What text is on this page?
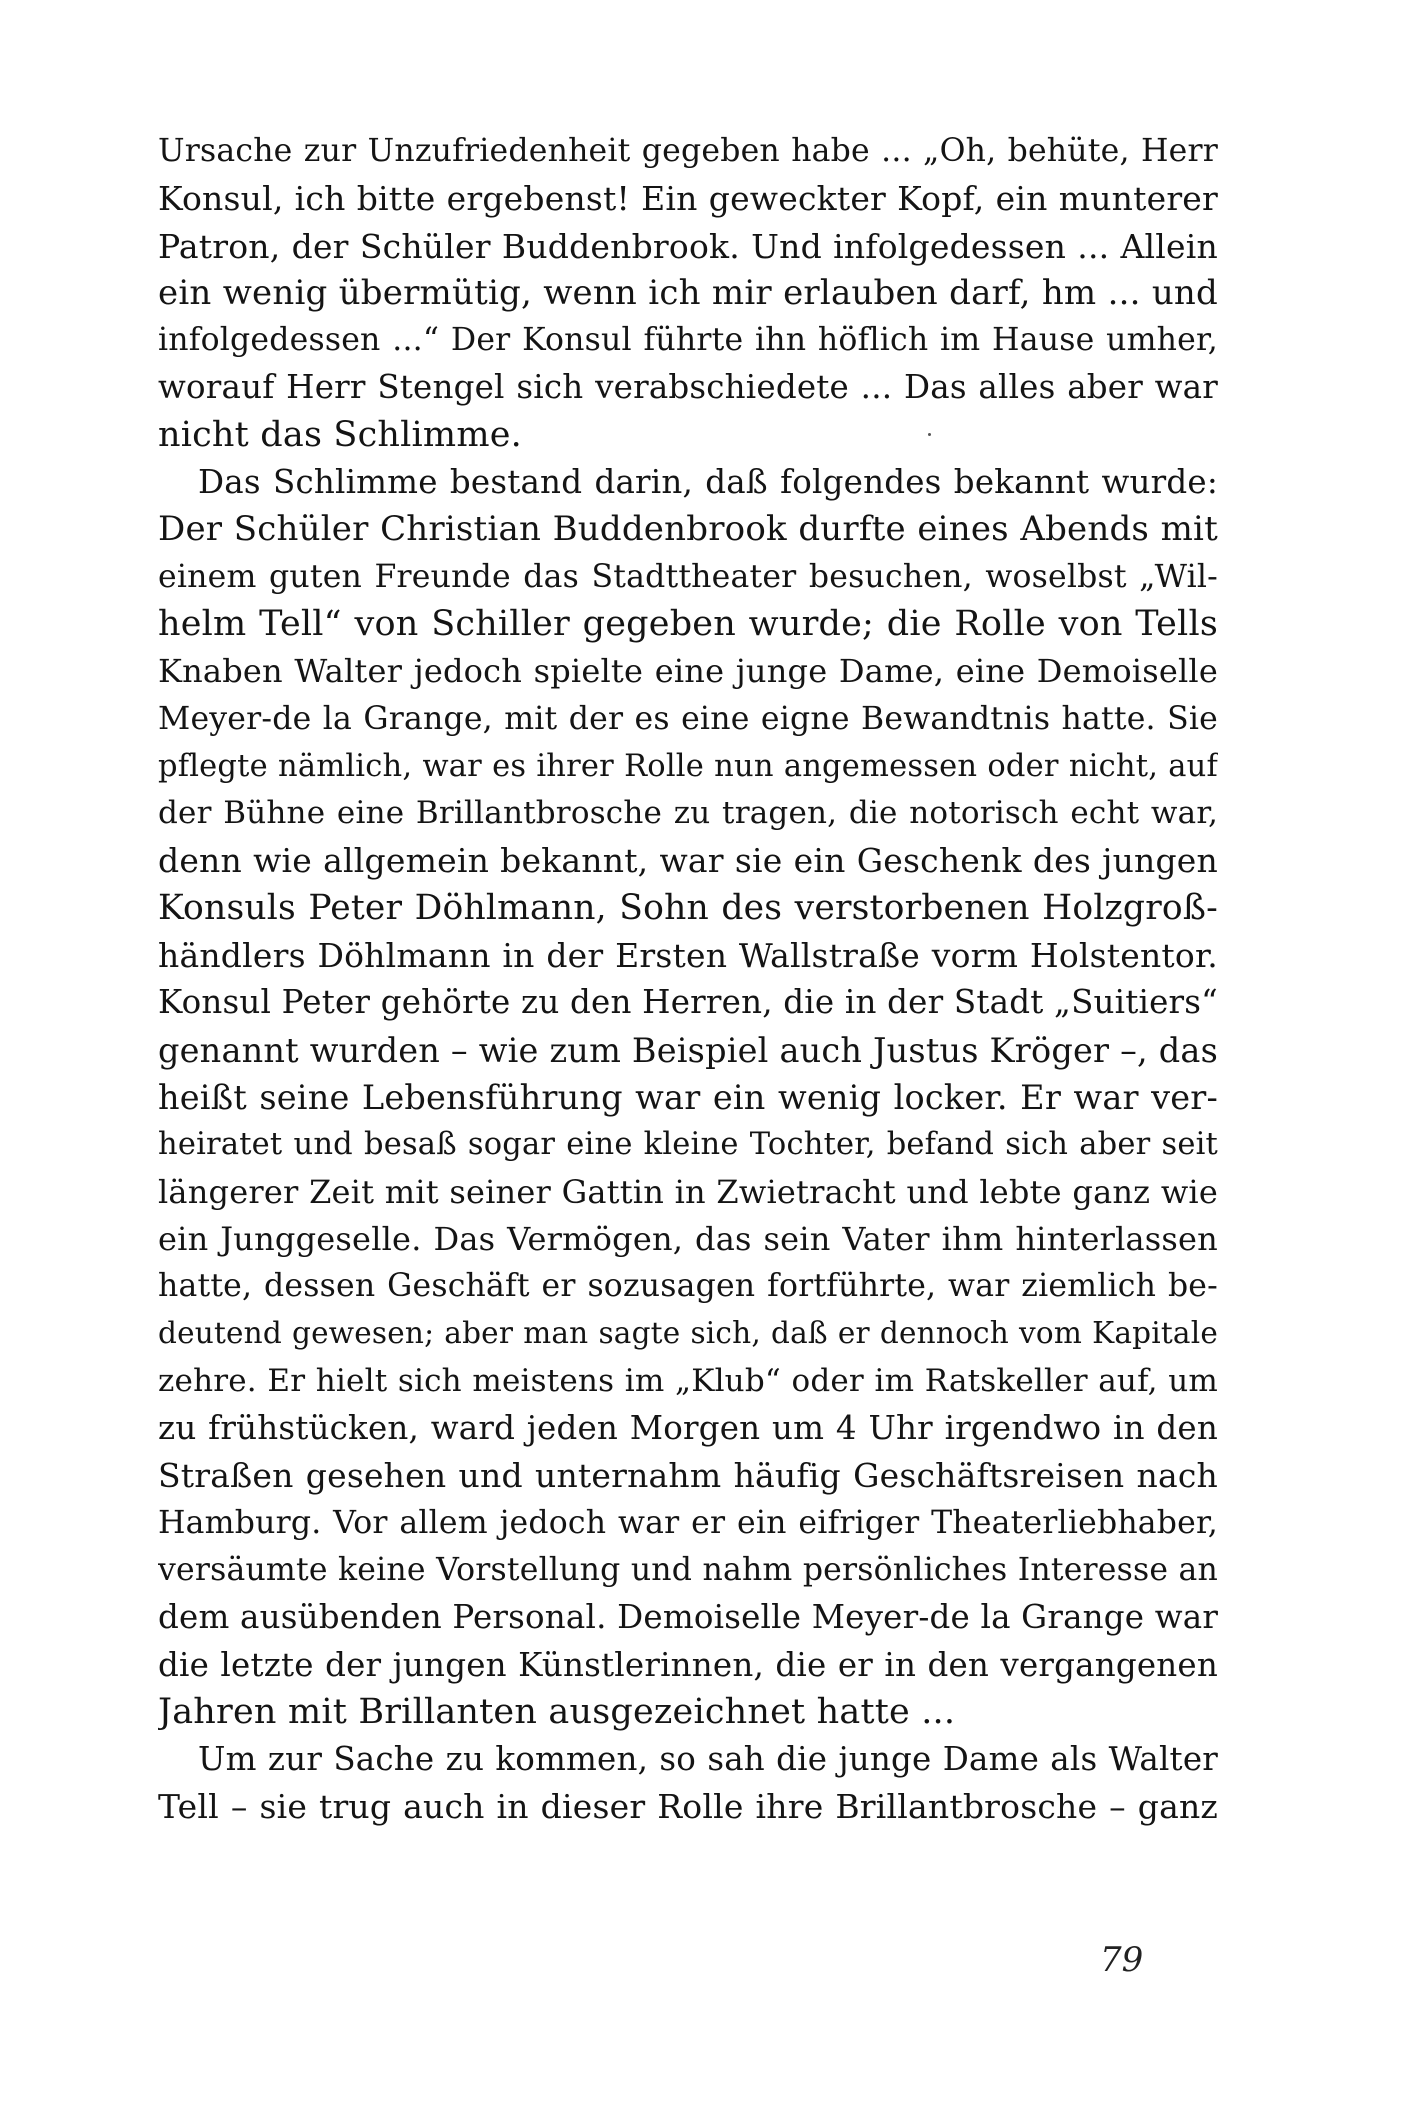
Ursache zur Unzufriedenheit gegeben habe ... „Oh, behüte, Herr
Konsul, ich bitte ergebenst! Ein geweckter Kopf, ein munterer
Patron, der Schüler Buddenbrook. Und infolgedessen ... Allein
ein wenig übermütig, wenn ich mir erlauben darf, hm ... und
infolgedessen ...“ Der Konsul führte ihn höflich im Hause umher,
worauf Herr Stengel sich verabschiedete ... Das alles aber war
nicht das Schlimme.
Das Schlimme bestand darin, daß folgendes bekannt wurde:
Der Schüler Christian Buddenbrook durfte eines Abends mit
einem guten Freunde das Stadttheater besuchen, woselbst „Wil-
helm Tell“ von Schiller gegeben wurde; die Rolle von Tells
Knaben Walter jedoch spielte eine junge Dame, eine Demoiselle
Meyer-de la Grange, mit der es eine eigne Bewandtnis hatte. Sie
pflegte nämlich, war es ihrer Rolle nun angemessen oder nicht, auf
der Bühne eine Brillantbrosche zu tragen, die notorisch echt war,
denn wie allgemein bekannt, war sie ein Geschenk des jungen
Konsuls Peter Döhlmann, Sohn des verstorbenen Holzgroß-
händlers Döhlmann in der Ersten Wallstraße vorm Holstentor.
Konsul Peter gehörte zu den Herren, die in der Stadt „Suitiers“
genannt wurden – wie zum Beispiel auch Justus Kröger –, das
heißt seine Lebensführung war ein wenig locker. Er war ver-
heiratet und besaß sogar eine kleine Tochter, befand sich aber seit
längerer Zeit mit seiner Gattin in Zwietracht und lebte ganz wie
ein Junggeselle. Das Vermögen, das sein Vater ihm hinterlassen
hatte, dessen Geschäft er sozusagen fortführte, war ziemlich be-
deutend gewesen; aber man sagte sich, daß er dennoch vom Kapitale
zehre. Er hielt sich meistens im „Klub“ oder im Ratskeller auf, um
zu frühstücken, ward jeden Morgen um 4 Uhr irgendwo in den
Straßen gesehen und unternahm häufig Geschäftsreisen nach
Hamburg. Vor allem jedoch war er ein eifriger Theaterliebhaber,
versäumte keine Vorstellung und nahm persönliches Interesse an
dem ausübenden Personal. Demoiselle Meyer-de la Grange war
die letzte der jungen Künstlerinnen, die er in den vergangenen
Jahren mit Brillanten ausgezeichnet hatte ...
Um zur Sache zu kommen, so sah die junge Dame als Walter
Tell – sie trug auch in dieser Rolle ihre Brillantbrosche – ganz
79
